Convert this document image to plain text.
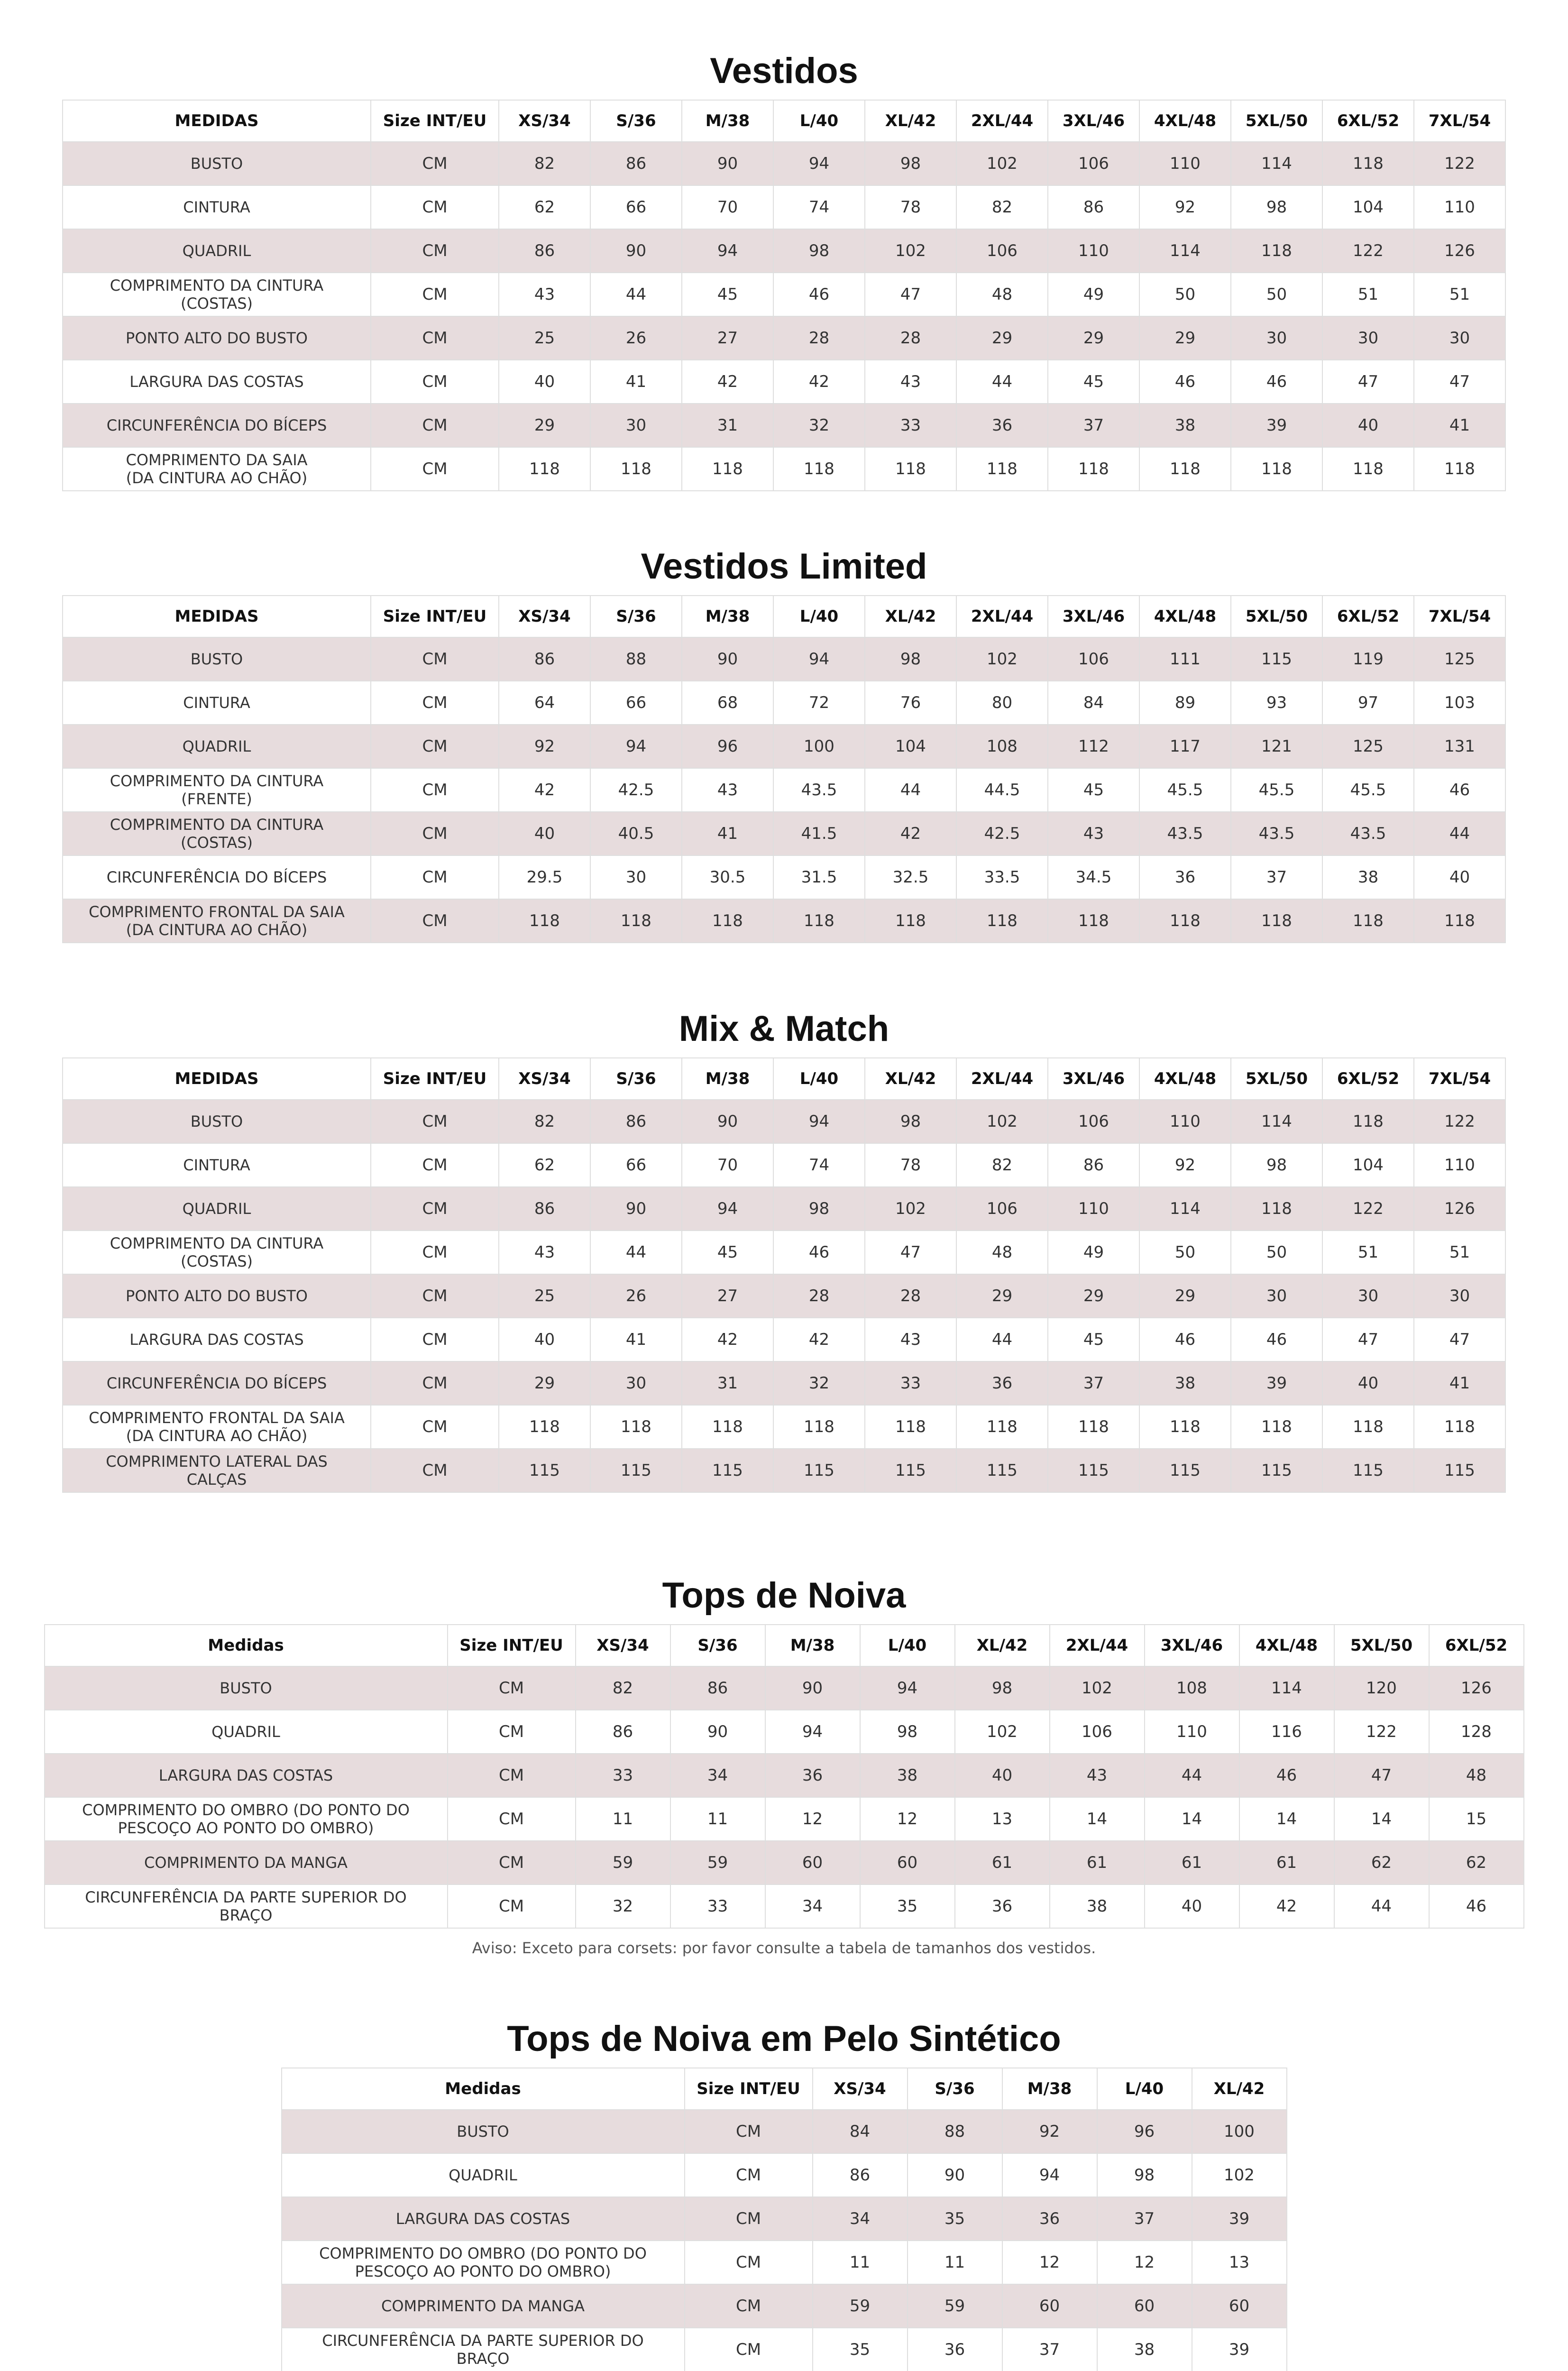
Vestidos
MEDIDAS	Size INT/EU	XS/34	S/36	M/38	L/40	XL/42	2XL/44	3XL/46	4XL/48	5XL/50	6XL/52	7XL/54
BUSTO	CM	82	86	90	94	98	102	106	110	114	118	122
CINTURA	CM	62	66	70	74	78	82	86	92	98	104	110
QUADRIL	CM	86	90	94	98	102	106	110	114	118	122	126
COMPRIMENTO DA CINTURA
(COSTAS)	CM	43	44	45	46	47	48	49	50	50	51	51
PONTO ALTO DO BUSTO	CM	25	26	27	28	28	29	29	29	30	30	30
LARGURA DAS COSTAS	CM	40	41	42	42	43	44	45	46	46	47	47
CIRCUNFERÊNCIA DO BÍCEPS	CM	29	30	31	32	33	36	37	38	39	40	41
COMPRIMENTO DA SAIA
(DA CINTURA AO CHÃO)	CM	118	118	118	118	118	118	118	118	118	118	118
Vestidos Limited
MEDIDAS	Size INT/EU	XS/34	S/36	M/38	L/40	XL/42	2XL/44	3XL/46	4XL/48	5XL/50	6XL/52	7XL/54
BUSTO	CM	86	88	90	94	98	102	106	111	115	119	125
CINTURA	CM	64	66	68	72	76	80	84	89	93	97	103
QUADRIL	CM	92	94	96	100	104	108	112	117	121	125	131
COMPRIMENTO DA CINTURA
(FRENTE)	CM	42	42.5	43	43.5	44	44.5	45	45.5	45.5	45.5	46
COMPRIMENTO DA CINTURA
(COSTAS)	CM	40	40.5	41	41.5	42	42.5	43	43.5	43.5	43.5	44
CIRCUNFERÊNCIA DO BÍCEPS	CM	29.5	30	30.5	31.5	32.5	33.5	34.5	36	37	38	40
COMPRIMENTO FRONTAL DA SAIA
(DA CINTURA AO CHÃO)	CM	118	118	118	118	118	118	118	118	118	118	118
Mix & Match
MEDIDAS	Size INT/EU	XS/34	S/36	M/38	L/40	XL/42	2XL/44	3XL/46	4XL/48	5XL/50	6XL/52	7XL/54
BUSTO	CM	82	86	90	94	98	102	106	110	114	118	122
CINTURA	CM	62	66	70	74	78	82	86	92	98	104	110
QUADRIL	CM	86	90	94	98	102	106	110	114	118	122	126
COMPRIMENTO DA CINTURA
(COSTAS)	CM	43	44	45	46	47	48	49	50	50	51	51
PONTO ALTO DO BUSTO	CM	25	26	27	28	28	29	29	29	30	30	30
LARGURA DAS COSTAS	CM	40	41	42	42	43	44	45	46	46	47	47
CIRCUNFERÊNCIA DO BÍCEPS	CM	29	30	31	32	33	36	37	38	39	40	41
COMPRIMENTO FRONTAL DA SAIA
(DA CINTURA AO CHÃO)	CM	118	118	118	118	118	118	118	118	118	118	118
COMPRIMENTO LATERAL DAS
CALÇAS	CM	115	115	115	115	115	115	115	115	115	115	115
Tops de Noiva
Medidas	Size INT/EU	XS/34	S/36	M/38	L/40	XL/42	2XL/44	3XL/46	4XL/48	5XL/50	6XL/52
BUSTO	CM	82	86	90	94	98	102	108	114	120	126
QUADRIL	CM	86	90	94	98	102	106	110	116	122	128
LARGURA DAS COSTAS	CM	33	34	36	38	40	43	44	46	47	48
COMPRIMENTO DO OMBRO (DO PONTO DO
PESCOÇO AO PONTO DO OMBRO)	CM	11	11	12	12	13	14	14	14	14	15
COMPRIMENTO DA MANGA	CM	59	59	60	60	61	61	61	61	62	62
CIRCUNFERÊNCIA DA PARTE SUPERIOR DO
BRAÇO	CM	32	33	34	35	36	38	40	42	44	46
Aviso: Exceto para corsets: por favor consulte a tabela de tamanhos dos vestidos.
Tops de Noiva em Pelo Sintético
Medidas	Size INT/EU	XS/34	S/36	M/38	L/40	XL/42
BUSTO	CM	84	88	92	96	100
QUADRIL	CM	86	90	94	98	102
LARGURA DAS COSTAS	CM	34	35	36	37	39
COMPRIMENTO DO OMBRO (DO PONTO DO
PESCOÇO AO PONTO DO OMBRO)	CM	11	11	12	12	13
COMPRIMENTO DA MANGA	CM	59	59	60	60	60
CIRCUNFERÊNCIA DA PARTE SUPERIOR DO
BRAÇO	CM	35	36	37	38	39
